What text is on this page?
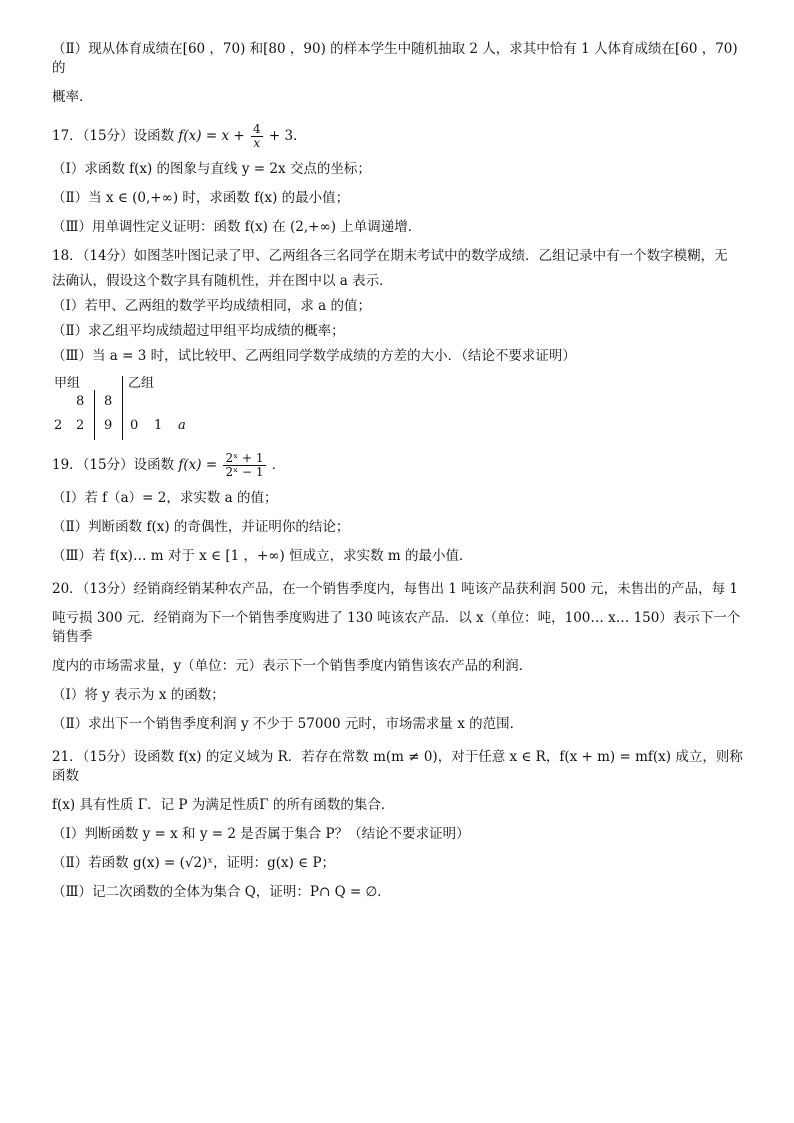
（Ⅱ）现从体育成绩在[60 ，70) 和[80 ，90) 的样本学生中随机抽取 2 人，求其中恰有 1 人体育成绩在[60 ，70) 的

概率．

17．（15分）设函数 $f(x) = x + \frac{4}{x} + 3$．

（Ⅰ）求函数 f(x) 的图象与直线 y = 2x 交点的坐标；

（Ⅱ）当 x ∈ (0,+∞) 时，求函数 f(x) 的最小值；

（Ⅲ）用单调性定义证明：函数 f(x) 在 (2,+∞) 上单调递增．

18．（14分）如图茎叶图记录了甲、乙两组各三名同学在期末考试中的数学成绩．乙组记录中有一个数字模糊，无

法确认，假设这个数字具有随机性，并在图中以 a 表示．

（Ⅰ）若甲、乙两组的数学平均成绩相同，求 a 的值；

（Ⅱ）求乙组平均成绩超过甲组平均成绩的概率；

（Ⅲ）当 a = 3 时，试比较甲、乙两组同学数学成绩的方差的大小．（结论不要求证明）

甲组	乙组
8 8
2 2 9 0 1 a

19．（15分）设函数 $f(x) = \frac{\text{2ˣ + 1}}{\text{2ˣ − 1}}$ ．

（Ⅰ）若 f（a）= 2，求实数 a 的值；

（Ⅱ）判断函数 f(x) 的奇偶性，并证明你的结论；

（Ⅲ）若 f(x)… m 对于 x ∈ [1 ，+∞) 恒成立，求实数 m 的最小值．

20．（13分）经销商经销某种农产品，在一个销售季度内，每售出 1 吨该产品获利润 500 元，未售出的产品，每 1

吨亏损 300 元．经销商为下一个销售季度购进了 130 吨该农产品．以 x（单位：吨，100… x… 150）表示下一个销售季

度内的市场需求量，y（单位：元）表示下一个销售季度内销售该农产品的利润．

（Ⅰ）将 y 表示为 x 的函数；

（Ⅱ）求出下一个销售季度利润 y 不少于 57000 元时，市场需求量 x 的范围．

21．（15分）设函数 f(x) 的定义域为 R．若存在常数 m(m ≠ 0)，对于任意 x ∈ R，f(x + m) = mf(x) 成立，则称函数

f(x) 具有性质 Γ．记 P 为满足性质Γ 的所有函数的集合．

（Ⅰ）判断函数 y = x 和 y = 2 是否属于集合 P？（结论不要求证明）

（Ⅱ）若函数 g(x) = (√2)ˣ，证明：g(x) ∈ P；

（Ⅲ）记二次函数的全体为集合 Q，证明：P∩ Q = ∅．
